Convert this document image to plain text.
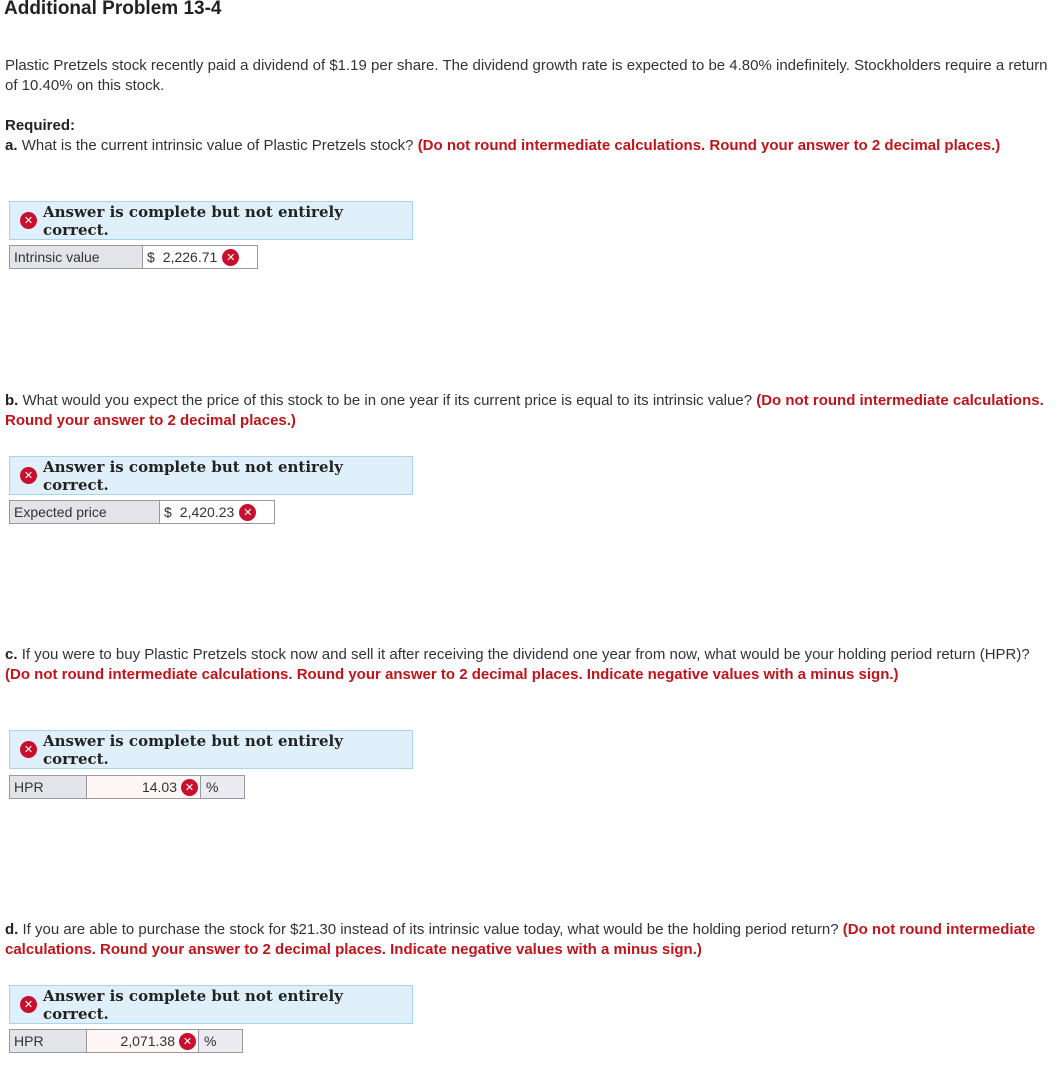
Additional Problem 13-4

Plastic Pretzels stock recently paid a dividend of $1.19 per share. The dividend growth rate is expected to be 4.80% indefinitely. Stockholders require a return of 10.40% on this stock.

Required:

a. What is the current intrinsic value of Plastic Pretzels stock? (Do not round intermediate calculations. Round your answer to 2 decimal places.)

✕ Answer is complete but not entirely correct.
Intrinsic value	$ 2,226.71 ✕

b. What would you expect the price of this stock to be in one year if its current price is equal to its intrinsic value? (Do not round intermediate calculations. Round your answer to 2 decimal places.)

✕ Answer is complete but not entirely correct.
Expected price	$ 2,420.23 ✕

c. If you were to buy Plastic Pretzels stock now and sell it after receiving the dividend one year from now, what would be your holding period return (HPR)? (Do not round intermediate calculations. Round your answer to 2 decimal places. Indicate negative values with a minus sign.)

✕ Answer is complete but not entirely correct.
HPR	14.03 ✕ %

d. If you are able to purchase the stock for $21.30 instead of its intrinsic value today, what would be the holding period return? (Do not round intermediate calculations. Round your answer to 2 decimal places. Indicate negative values with a minus sign.)

✕ Answer is complete but not entirely correct.
HPR	2,071.38 ✕ %
